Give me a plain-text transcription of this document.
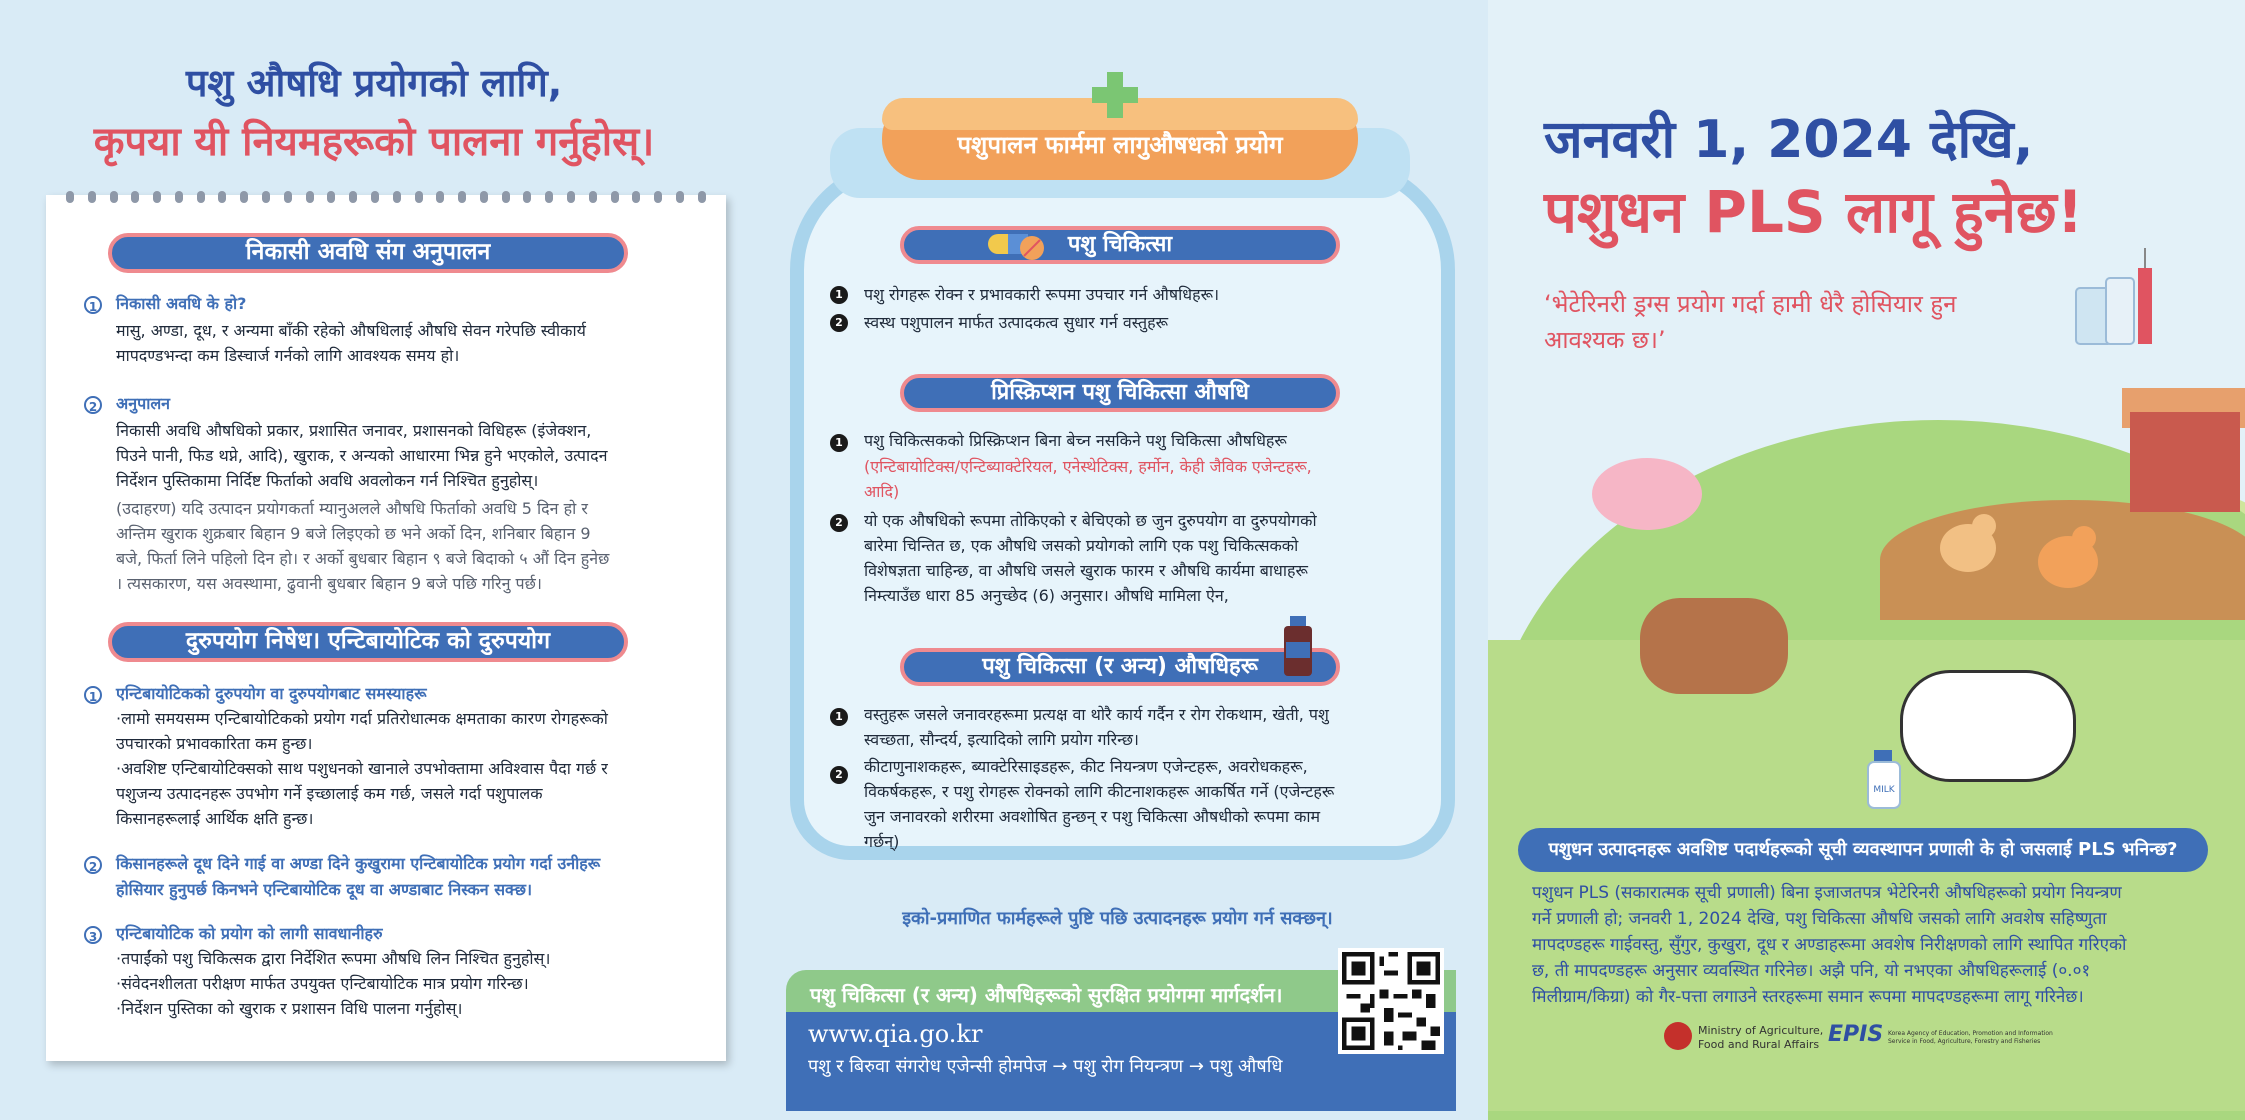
पशु औषधि प्रयोगको लागि,
कृपया यी नियमहरूको पालना गर्नुहोस्।
निकासी अवधि संग अनुपालन
1	निकासी अवधि के हो?
मासु, अण्डा, दूध, र अन्यमा बाँकी रहेको औषधिलाई औषधि सेवन गरेपछि स्वीकार्य
मापदण्डभन्दा कम डिस्चार्ज गर्नको लागि आवश्यक समय हो।
2	अनुपालन
निकासी अवधि औषधिको प्रकार, प्रशासित जनावर, प्रशासनको विधिहरू (इंजेक्शन,
पिउने पानी, फिड थप्ने, आदि), खुराक, र अन्यको आधारमा भिन्न हुने भएकोले, उत्पादन
निर्देशन पुस्तिकामा निर्दिष्ट फिर्ताको अवधि अवलोकन गर्न निश्चित हुनुहोस्।
(उदाहरण) यदि उत्पादन प्रयोगकर्ता म्यानुअलले औषधि फिर्ताको अवधि 5 दिन हो र
अन्तिम खुराक शुक्रबार बिहान 9 बजे लिइएको छ भने अर्को दिन, शनिबार बिहान 9
बजे, फिर्ता लिने पहिलो दिन हो। र अर्को बुधबार बिहान ९ बजे बिदाको ५ औं दिन हुनेछ
। त्यसकारण, यस अवस्थामा, ढुवानी बुधबार बिहान 9 बजे पछि गरिनु पर्छ।
दुरुपयोग निषेध। एन्टिबायोटिक को दुरुपयोग
1	एन्टिबायोटिकको दुरुपयोग वा दुरुपयोगबाट समस्याहरू
·लामो समयसम्म एन्टिबायोटिकको प्रयोग गर्दा प्रतिरोधात्मक क्षमताका कारण रोगहरूको
उपचारको प्रभावकारिता कम हुन्छ।
·अवशिष्ट एन्टिबायोटिक्सको साथ पशुधनको खानाले उपभोक्तामा अविश्वास पैदा गर्छ र
पशुजन्य उत्पादनहरू उपभोग गर्ने इच्छालाई कम गर्छ, जसले गर्दा पशुपालक
किसानहरूलाई आर्थिक क्षति हुन्छ।
2	किसानहरूले दूध दिने गाई वा अण्डा दिने कुखुरामा एन्टिबायोटिक प्रयोग गर्दा उनीहरू
होसियार हुनुपर्छ किनभने एन्टिबायोटिक दूध वा अण्डाबाट निस्कन सक्छ।
3	एन्टिबायोटिक को प्रयोग को लागी सावधानीहरु
·तपाईंको पशु चिकित्सक द्वारा निर्देशित रूपमा औषधि लिन निश्चित हुनुहोस्।
·संवेदनशीलता परीक्षण मार्फत उपयुक्त एन्टिबायोटिक मात्र प्रयोग गरिन्छ।
·निर्देशन पुस्तिका को खुराक र प्रशासन विधि पालना गर्नुहोस्।
पशुपालन फार्ममा लागुऔषधको प्रयोग
पशु चिकित्सा
1	पशु रोगहरू रोक्न र प्रभावकारी रूपमा उपचार गर्न औषधिहरू।
2	स्वस्थ पशुपालन मार्फत उत्पादकत्व सुधार गर्न वस्तुहरू
प्रिस्क्रिप्शन पशु चिकित्सा औषधि
1	पशु चिकित्सकको प्रिस्क्रिप्शन बिना बेच्न नसकिने पशु चिकित्सा औषधिहरू
(एन्टिबायोटिक्स/एन्टिब्याक्टेरियल, एनेस्थेटिक्स, हर्मोन, केही जैविक एजेन्टहरू,
आदि)
2	यो एक औषधिको रूपमा तोकिएको र बेचिएको छ जुन दुरुपयोग वा दुरुपयोगको
बारेमा चिन्तित छ, एक औषधि जसको प्रयोगको लागि एक पशु चिकित्सकको
विशेषज्ञता चाहिन्छ, वा औषधि जसले खुराक फारम र औषधि कार्यमा बाधाहरू
निम्त्याउँछ धारा 85 अनुच्छेद (6) अनुसार। औषधि मामिला ऐन,
पशु चिकित्सा (र अन्य) औषधिहरू
1	वस्तुहरू जसले जनावरहरूमा प्रत्यक्ष वा थोरै कार्य गर्दैन र रोग रोकथाम, खेती, पशु
स्वच्छता, सौन्दर्य, इत्यादिको लागि प्रयोग गरिन्छ।
2	कीटाणुनाशकहरू, ब्याक्टेरिसाइडहरू, कीट नियन्त्रण एजेन्टहरू, अवरोधकहरू,
विकर्षकहरू, र पशु रोगहरू रोक्नको लागि कीटनाशकहरू आकर्षित गर्ने (एजेन्टहरू
जुन जनावरको शरीरमा अवशोषित हुन्छन् र पशु चिकित्सा औषधीको रूपमा काम
गर्छन्)
इको-प्रमाणित फार्महरूले पुष्टि पछि उत्पादनहरू प्रयोग गर्न सक्छन्।
पशु चिकित्सा (र अन्य) औषधिहरूको सुरक्षित प्रयोगमा मार्गदर्शन।
www.qia.go.kr
पशु र बिरुवा संगरोध एजेन्सी होमपेज → पशु रोग नियन्त्रण → पशु औषधि
MILK
जनवरी 1, 2024 देखि,
पशुधन PLS लागू हुनेछ!
‘भेटेरिनरी ड्रग्स प्रयोग गर्दा हामी धेरै होसियार हुन
आवश्यक छ।’
पशुधन उत्पादनहरू अवशिष्ट पदार्थहरूको सूची व्यवस्थापन प्रणाली के हो जसलाई PLS भनिन्छ?
पशुधन PLS (सकारात्मक सूची प्रणाली) बिना इजाजतपत्र भेटेरिनरी औषधिहरूको प्रयोग नियन्त्रण
गर्ने प्रणाली हो; जनवरी 1, 2024 देखि, पशु चिकित्सा औषधि जसको लागि अवशेष सहिष्णुता
मापदण्डहरू गाईवस्तु, सुँगुर, कुखुरा, दूध र अण्डाहरूमा अवशेष निरीक्षणको लागि स्थापित गरिएको
छ, ती मापदण्डहरू अनुसार व्यवस्थित गरिनेछ। अझै पनि, यो नभएका औषधिहरूलाई (०.०१
मिलीग्राम/किग्रा) को गैर-पत्ता लगाउने स्तरहरूमा समान रूपमा मापदण्डहरूमा लागू गरिनेछ।
Ministry of Agriculture,
Food and Rural Affairs EPIS Korea Agency of Education, Promotion and Information
Service in Food, Agriculture, Forestry and Fisheries
